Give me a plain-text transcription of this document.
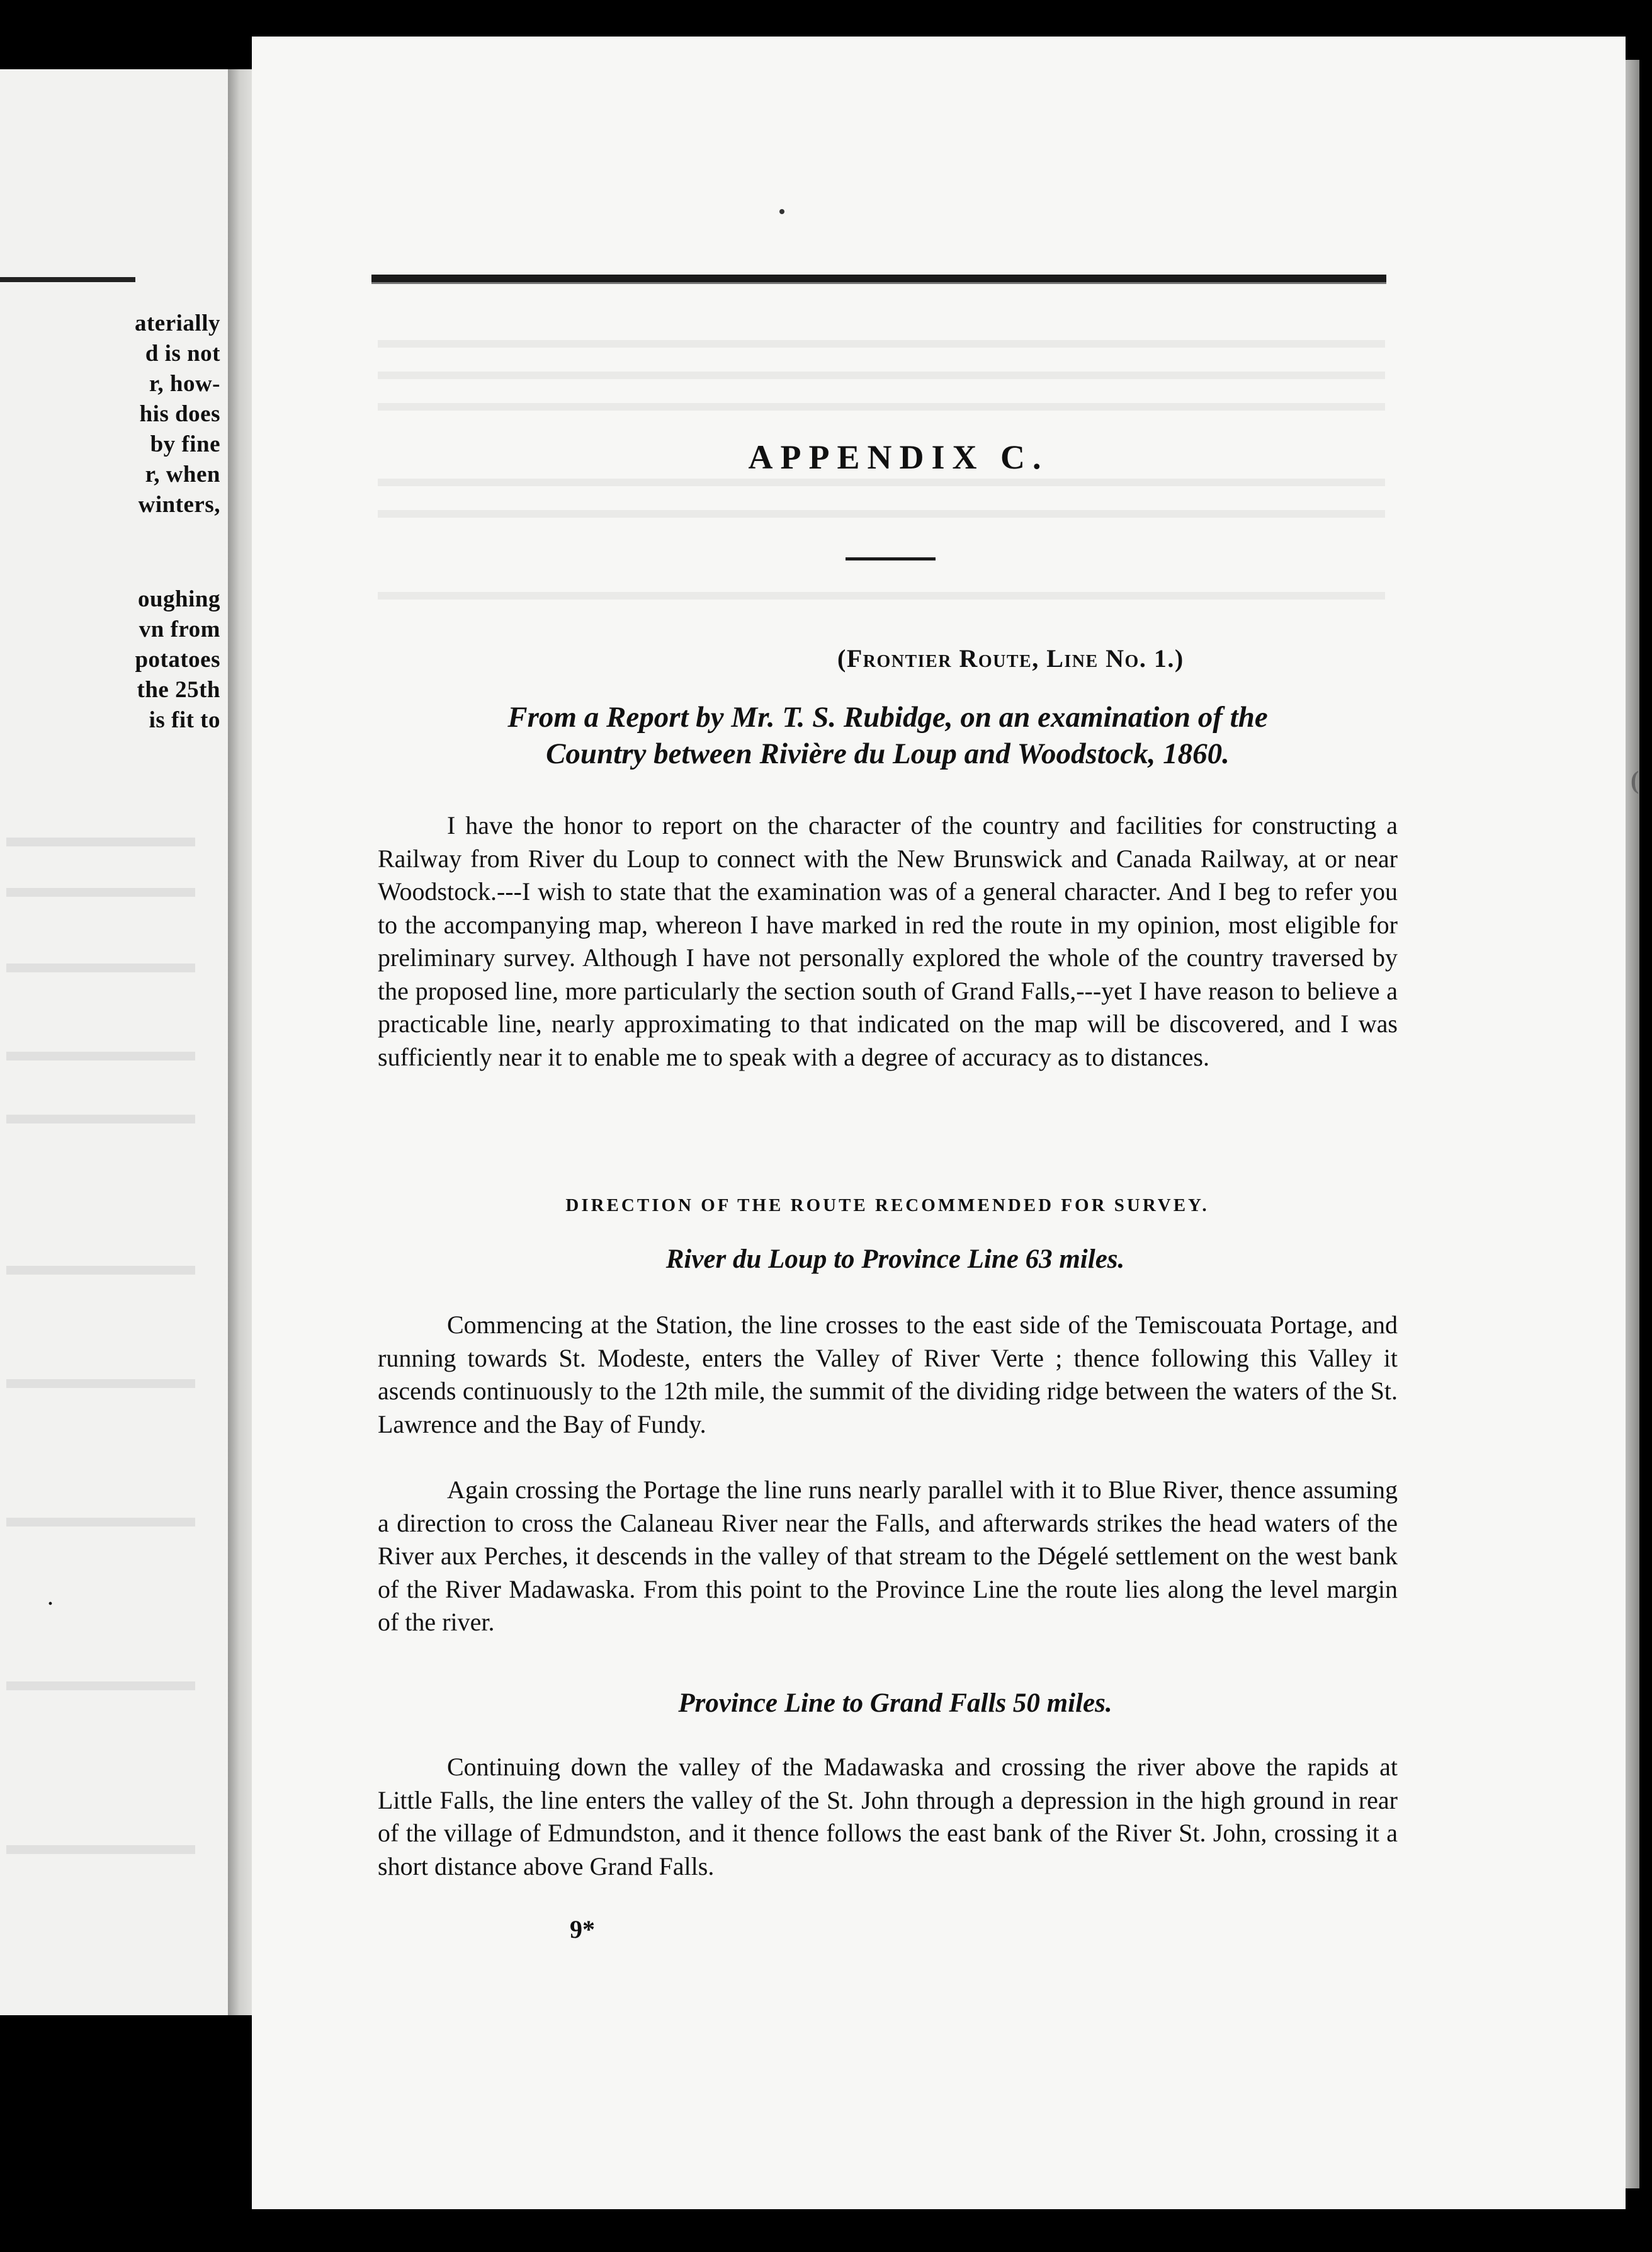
aterially
d is not
r, how-
his does
by fine
r, when
winters,
oughing
vn from
potatoes
the 25th
is fit to
·
APPENDIX C.
(Frontier Route, Line No. 1.)
From a Report by Mr. T. S. Rubidge, on an examination of the
Country between Rivière du Loup and Woodstock, 1860.
I have the honor to report on the character of the country and facilities for constructing a Railway from River du Loup to connect with the New Brunswick and Canada Railway, at or near Woodstock.---I wish to state that the examination was of a general character. And I beg to refer you to the accompanying map, whereon I have marked in red the route in my opinion, most eligible for preliminary survey. Although I have not personally explored the whole of the country traversed by the proposed line, more particularly the section south of Grand Falls,---yet I have reason to believe a practicable line, nearly approximating to that indicated on the map will be discovered, and I was sufficiently near it to enable me to speak with a degree of accuracy as to distances.
DIRECTION OF THE ROUTE RECOMMENDED FOR SURVEY.
River du Loup to Province Line 63 miles.
Commencing at the Station, the line crosses to the east side of the Temiscouata Portage, and running towards St. Modeste, enters the Valley of River Verte ; thence following this Valley it ascends continuously to the 12th mile, the summit of the dividing ridge between the waters of the St. Lawrence and the Bay of Fundy.
Again crossing the Portage the line runs nearly parallel with it to Blue River, thence assuming a direction to cross the Calaneau River near the Falls, and afterwards strikes the head waters of the River aux Perches, it descends in the valley of that stream to the Dégelé settlement on the west bank of the River Madawaska. From this point to the Province Line the route lies along the level margin of the river.
Province Line to Grand Falls 50 miles.
Continuing down the valley of the Madawaska and crossing the river above the rapids at Little Falls, the line enters the valley of the St. John through a depression in the high ground in rear of the village of Edmundston, and it thence follows the east bank of the River St. John, crossing it a short distance above Grand Falls.
9*
(
